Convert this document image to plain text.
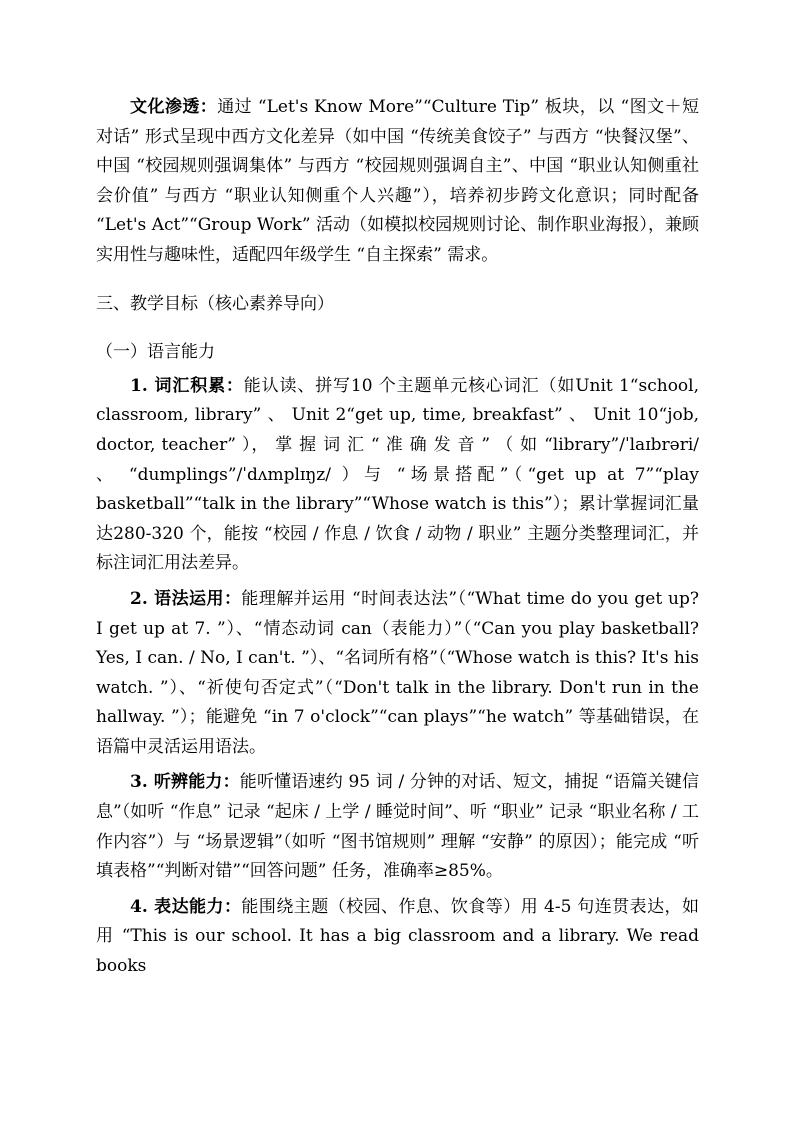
文化渗透：通过 “Let's Know More”“Culture Tip” 板块，以 “图文＋短对话” 形式呈现中西方文化差异（如中国 “传统美食饺子” 与西方 “快餐汉堡”、中国 “校园规则强调集体” 与西方 “校园规则强调自主”、中国 “职业认知侧重社会价值” 与西方 “职业认知侧重个人兴趣”），培养初步跨文化意识；同时配备 “Let's Act”“Group Work” 活动（如模拟校园规则讨论、制作职业海报），兼顾实用性与趣味性，适配四年级学生 “自主探索” 需求。

三、教学目标（核心素养导向）
（一）语言能力

1. 词汇积累：能认读、拼写10 个主题单元核心词汇（如Unit 1“school, classroom, library” 、 Unit 2“get up, time, breakfast” 、 Unit 10“job, doctor, teacher” ）， 掌 握 词 汇 “ 准 确 发 音 ” （ 如 “library”/ˈlaɪbrəri/ 、 “dumplings”/ˈdʌmplɪŋz/ ）与 “场景搭配”（“get up at 7”“play basketball”“talk in the library”“Whose watch is this”）；累计掌握词汇量达280-320 个，能按 “校园 / 作息 / 饮食 / 动物 / 职业” 主题分类整理词汇，并标注词汇用法差异。

2. 语法运用：能理解并运用 “时间表达法”（“What time do you get up? I get up at 7. ”）、“情态动词 can（表能力）”（“Can you play basketball? Yes, I can. / No, I can't. ”）、“名词所有格”（“Whose watch is this? It's his watch. ”）、“祈使句否定式”（“Don't talk in the library. Don't run in the hallway. ”）；能避免 “in 7 o'clock”“can plays”“he watch” 等基础错误，在语篇中灵活运用语法。

3. 听辨能力：能听懂语速约 95 词 / 分钟的对话、短文，捕捉 “语篇关键信息”（如听 “作息” 记录 “起床 / 上学 / 睡觉时间”、听 “职业” 记录 “职业名称 / 工作内容”）与 “场景逻辑”（如听 “图书馆规则” 理解 “安静” 的原因）；能完成 “听填表格”“判断对错”“回答问题” 任务，准确率≥85%。

4. 表达能力：能围绕主题（校园、作息、饮食等）用 4-5 句连贯表达，如用 “This is our school. It has a big classroom and a library. We read books
